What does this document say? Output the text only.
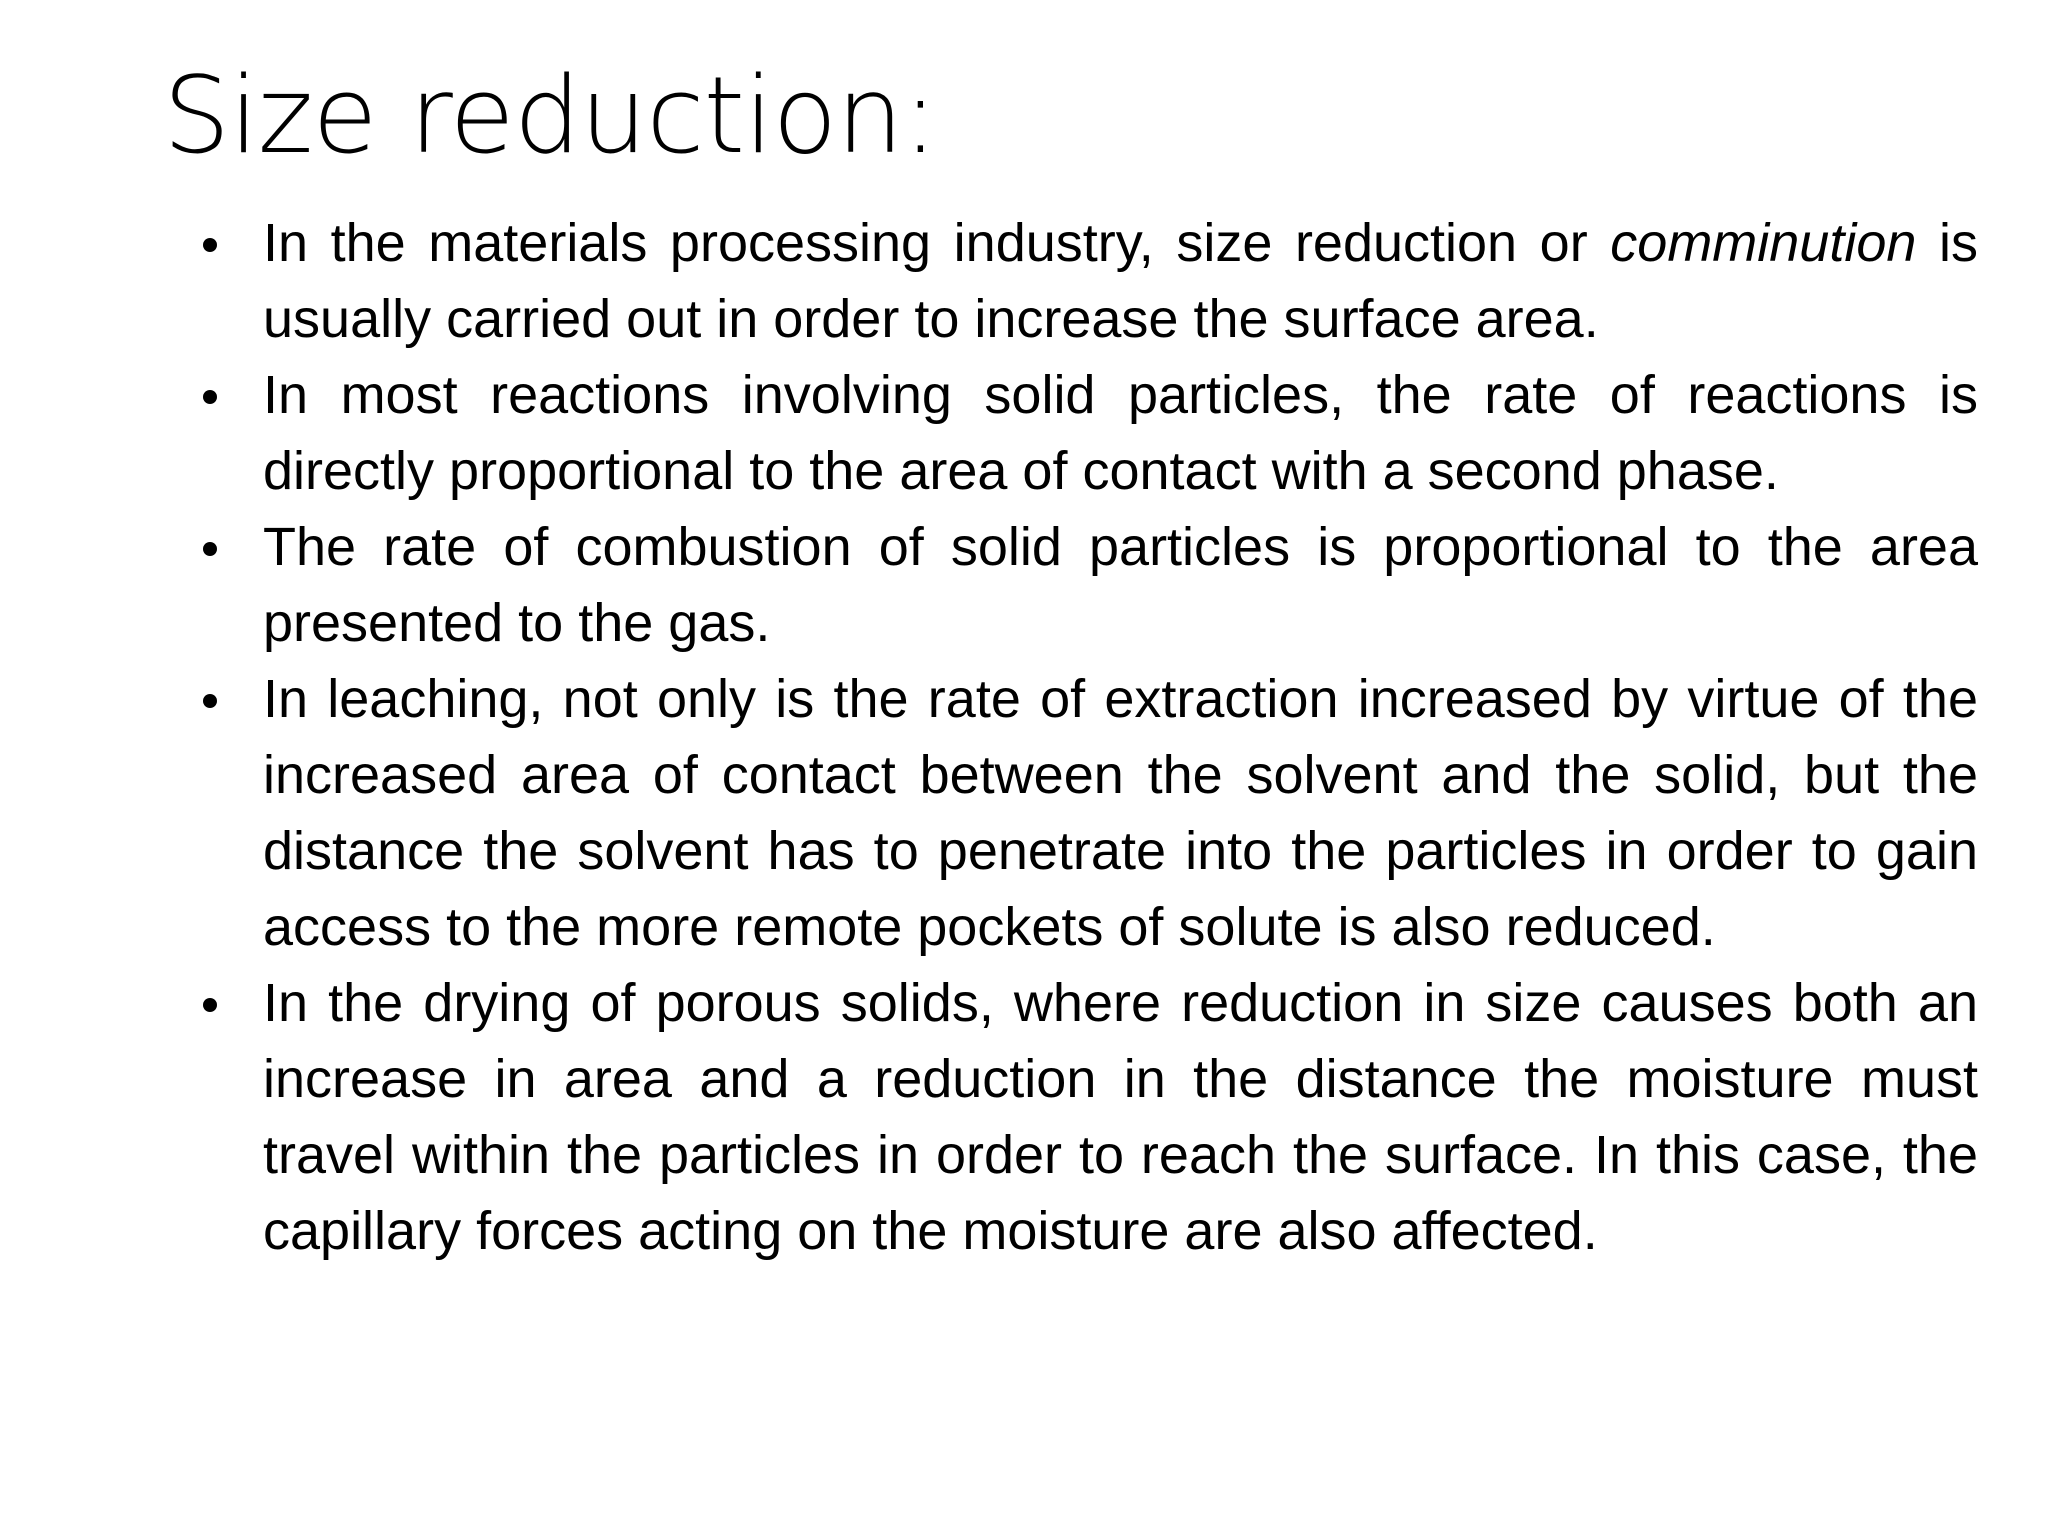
Size reduction:
In the materials processing industry, size reduction or comminution is usually carried out in order to increase the surface area.
In most reactions involving solid particles, the rate of reactions is directly proportional to the area of contact with a second phase.
The rate of combustion of solid particles is proportional to the area presented to the gas.
In leaching, not only is the rate of extraction increased by virtue of the increased area of contact between the solvent and the solid, but the distance the solvent has to penetrate into the particles in order to gain access to the more remote pockets of solute is also reduced.
In the drying of porous solids, where reduction in size causes both an increase in area and a reduction in the distance the moisture must travel within the particles in order to reach the surface. In this case, the capillary forces acting on the moisture are also affected.
